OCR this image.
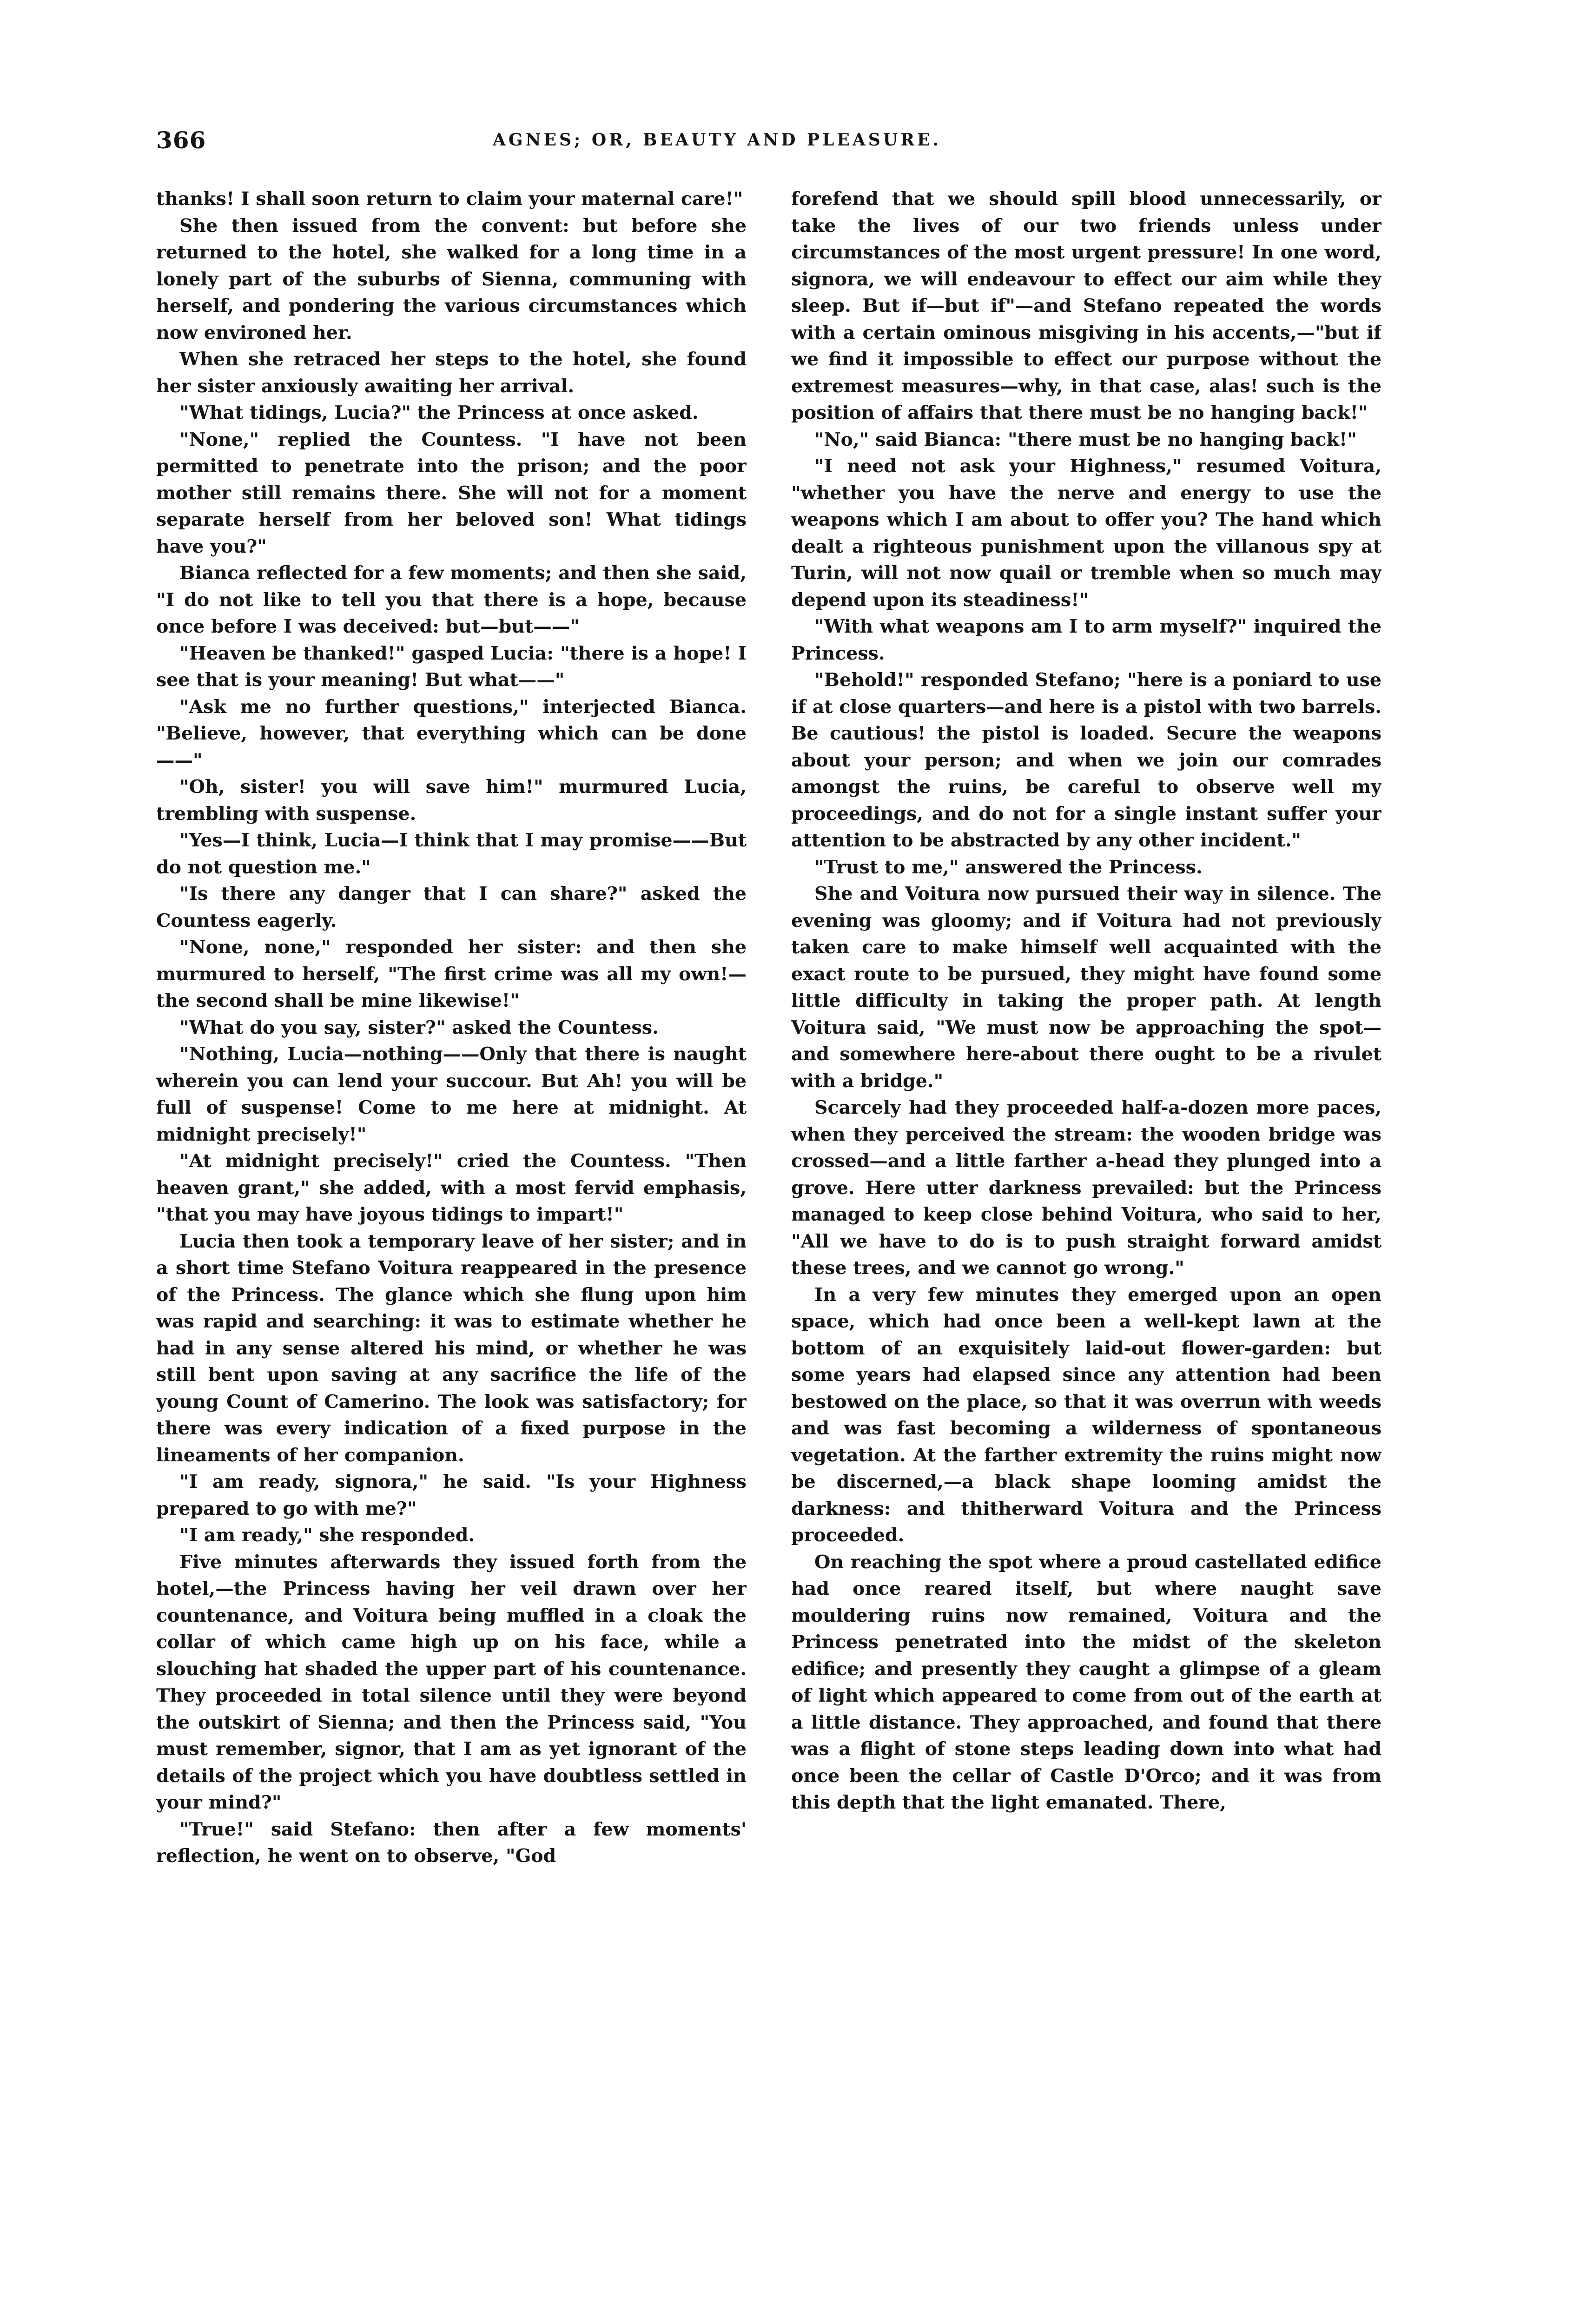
366	AGNES; OR, BEAUTY AND PLEASURE.

thanks! I shall soon return to claim your maternal care!"

She then issued from the convent: but before she returned to the hotel, she walked for a long time in a lonely part of the suburbs of Sienna, communing with herself, and pondering the various circumstances which now environed her.

When she retraced her steps to the hotel, she found her sister anxiously awaiting her arrival.

"What tidings, Lucia?" the Princess at once asked.

"None," replied the Countess. "I have not been permitted to penetrate into the prison; and the poor mother still remains there. She will not for a moment separate herself from her beloved son! What tidings have you?"

Bianca reflected for a few moments; and then she said, "I do not like to tell you that there is a hope, because once before I was deceived: but—but——"

"Heaven be thanked!" gasped Lucia: "there is a hope! I see that is your meaning! But what——"

"Ask me no further questions," interjected Bianca. "Believe, however, that everything which can be done——"

"Oh, sister! you will save him!" murmured Lucia, trembling with suspense.

"Yes—I think, Lucia—I think that I may promise——But do not question me."

"Is there any danger that I can share?" asked the Countess eagerly.

"None, none," responded her sister: and then she murmured to herself, "The first crime was all my own!—the second shall be mine likewise!"

"What do you say, sister?" asked the Countess.

"Nothing, Lucia—nothing——Only that there is naught wherein you can lend your succour. But Ah! you will be full of suspense! Come to me here at midnight. At midnight precisely!"

"At midnight precisely!" cried the Countess. "Then heaven grant," she added, with a most fervid emphasis, "that you may have joyous tidings to impart!"

Lucia then took a temporary leave of her sister; and in a short time Stefano Voitura reappeared in the presence of the Princess. The glance which she flung upon him was rapid and searching: it was to estimate whether he had in any sense altered his mind, or whether he was still bent upon saving at any sacrifice the life of the young Count of Camerino. The look was satisfactory; for there was every indication of a fixed purpose in the lineaments of her companion.

"I am ready, signora," he said. "Is your Highness prepared to go with me?"

"I am ready," she responded.

Five minutes afterwards they issued forth from the hotel,—the Princess having her veil drawn over her countenance, and Voitura being muffled in a cloak the collar of which came high up on his face, while a slouching hat shaded the upper part of his countenance. They proceeded in total silence until they were beyond the outskirt of Sienna; and then the Princess said, "You must remember, signor, that I am as yet ignorant of the details of the project which you have doubtless settled in your mind?"

"True!" said Stefano: then after a few moments' reflection, he went on to observe, "God

forefend that we should spill blood unnecessarily, or take the lives of our two friends unless under circumstances of the most urgent pressure! In one word, signora, we will endeavour to effect our aim while they sleep. But if—but if"—and Stefano repeated the words with a certain ominous misgiving in his accents,—"but if we find it impossible to effect our purpose without the extremest measures—why, in that case, alas! such is the position of affairs that there must be no hanging back!"

"No," said Bianca: "there must be no hanging back!"

"I need not ask your Highness," resumed Voitura, "whether you have the nerve and energy to use the weapons which I am about to offer you? The hand which dealt a righteous punishment upon the villanous spy at Turin, will not now quail or tremble when so much may depend upon its steadiness!"

"With what weapons am I to arm myself?" inquired the Princess.

"Behold!" responded Stefano; "here is a poniard to use if at close quarters—and here is a pistol with two barrels. Be cautious! the pistol is loaded. Secure the weapons about your person; and when we join our comrades amongst the ruins, be careful to observe well my proceedings, and do not for a single instant suffer your attention to be abstracted by any other incident."

"Trust to me," answered the Princess.

She and Voitura now pursued their way in silence. The evening was gloomy; and if Voitura had not previously taken care to make himself well acquainted with the exact route to be pursued, they might have found some little difficulty in taking the proper path. At length Voitura said, "We must now be approaching the spot—and somewhere here-about there ought to be a rivulet with a bridge."

Scarcely had they proceeded half-a-dozen more paces, when they perceived the stream: the wooden bridge was crossed—and a little farther a-head they plunged into a grove. Here utter darkness prevailed: but the Princess managed to keep close behind Voitura, who said to her, "All we have to do is to push straight forward amidst these trees, and we cannot go wrong."

In a very few minutes they emerged upon an open space, which had once been a well-kept lawn at the bottom of an exquisitely laid-out flower-garden: but some years had elapsed since any attention had been bestowed on the place, so that it was overrun with weeds and was fast becoming a wilderness of spontaneous vegetation. At the farther extremity the ruins might now be discerned,—a black shape looming amidst the darkness: and thitherward Voitura and the Princess proceeded.

On reaching the spot where a proud castellated edifice had once reared itself, but where naught save mouldering ruins now remained, Voitura and the Princess penetrated into the midst of the skeleton edifice; and presently they caught a glimpse of a gleam of light which appeared to come from out of the earth at a little distance. They approached, and found that there was a flight of stone steps leading down into what had once been the cellar of Castle D'Orco; and it was from this depth that the light emanated. There,
